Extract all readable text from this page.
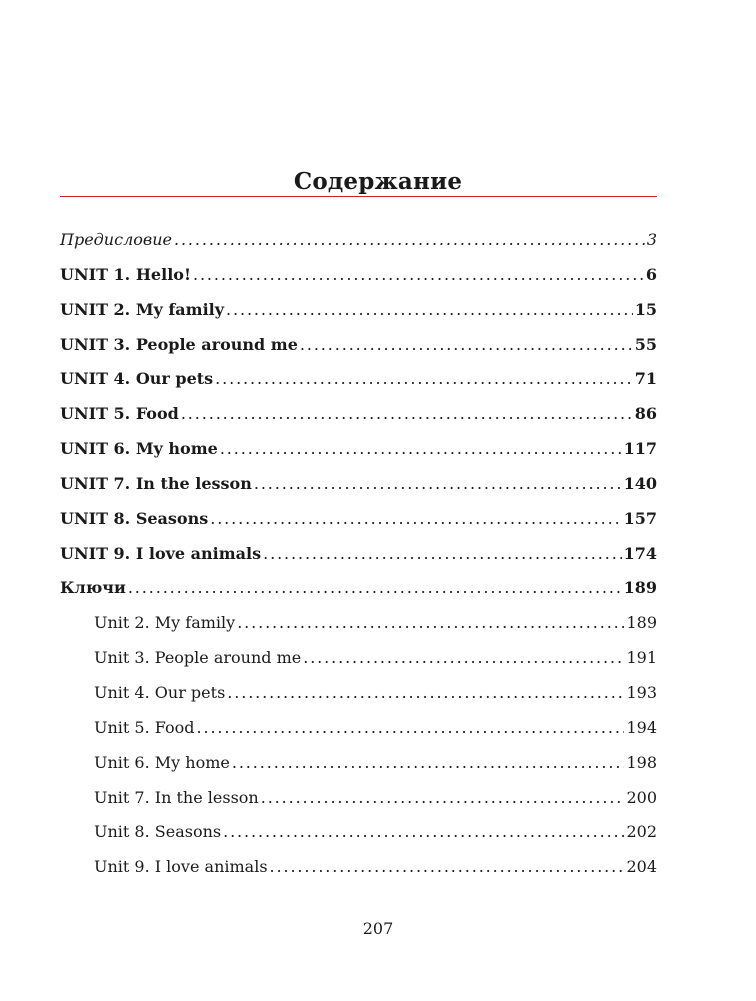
Содержание
Предисловие . . .	3
UNIT 1. Hello! . . .	6
UNIT 2. My family . . .	15
UNIT 3. People around me . . .	55
UNIT 4. Our pets . . .	71
UNIT 5. Food . . .	86
UNIT 6. My home . . .	117
UNIT 7. In the lesson . . .	140
UNIT 8. Seasons . . .	157
UNIT 9. I love animals . . .	174
Ключи . . .	189
Unit 2. My family . . .	189
Unit 3. People around me . . .	191
Unit 4. Our pets . . .	193
Unit 5. Food . . .	194
Unit 6. My home . . .	198
Unit 7. In the lesson . . .	200
Unit 8. Seasons . . .	202
Unit 9. I love animals . . .	204
207
